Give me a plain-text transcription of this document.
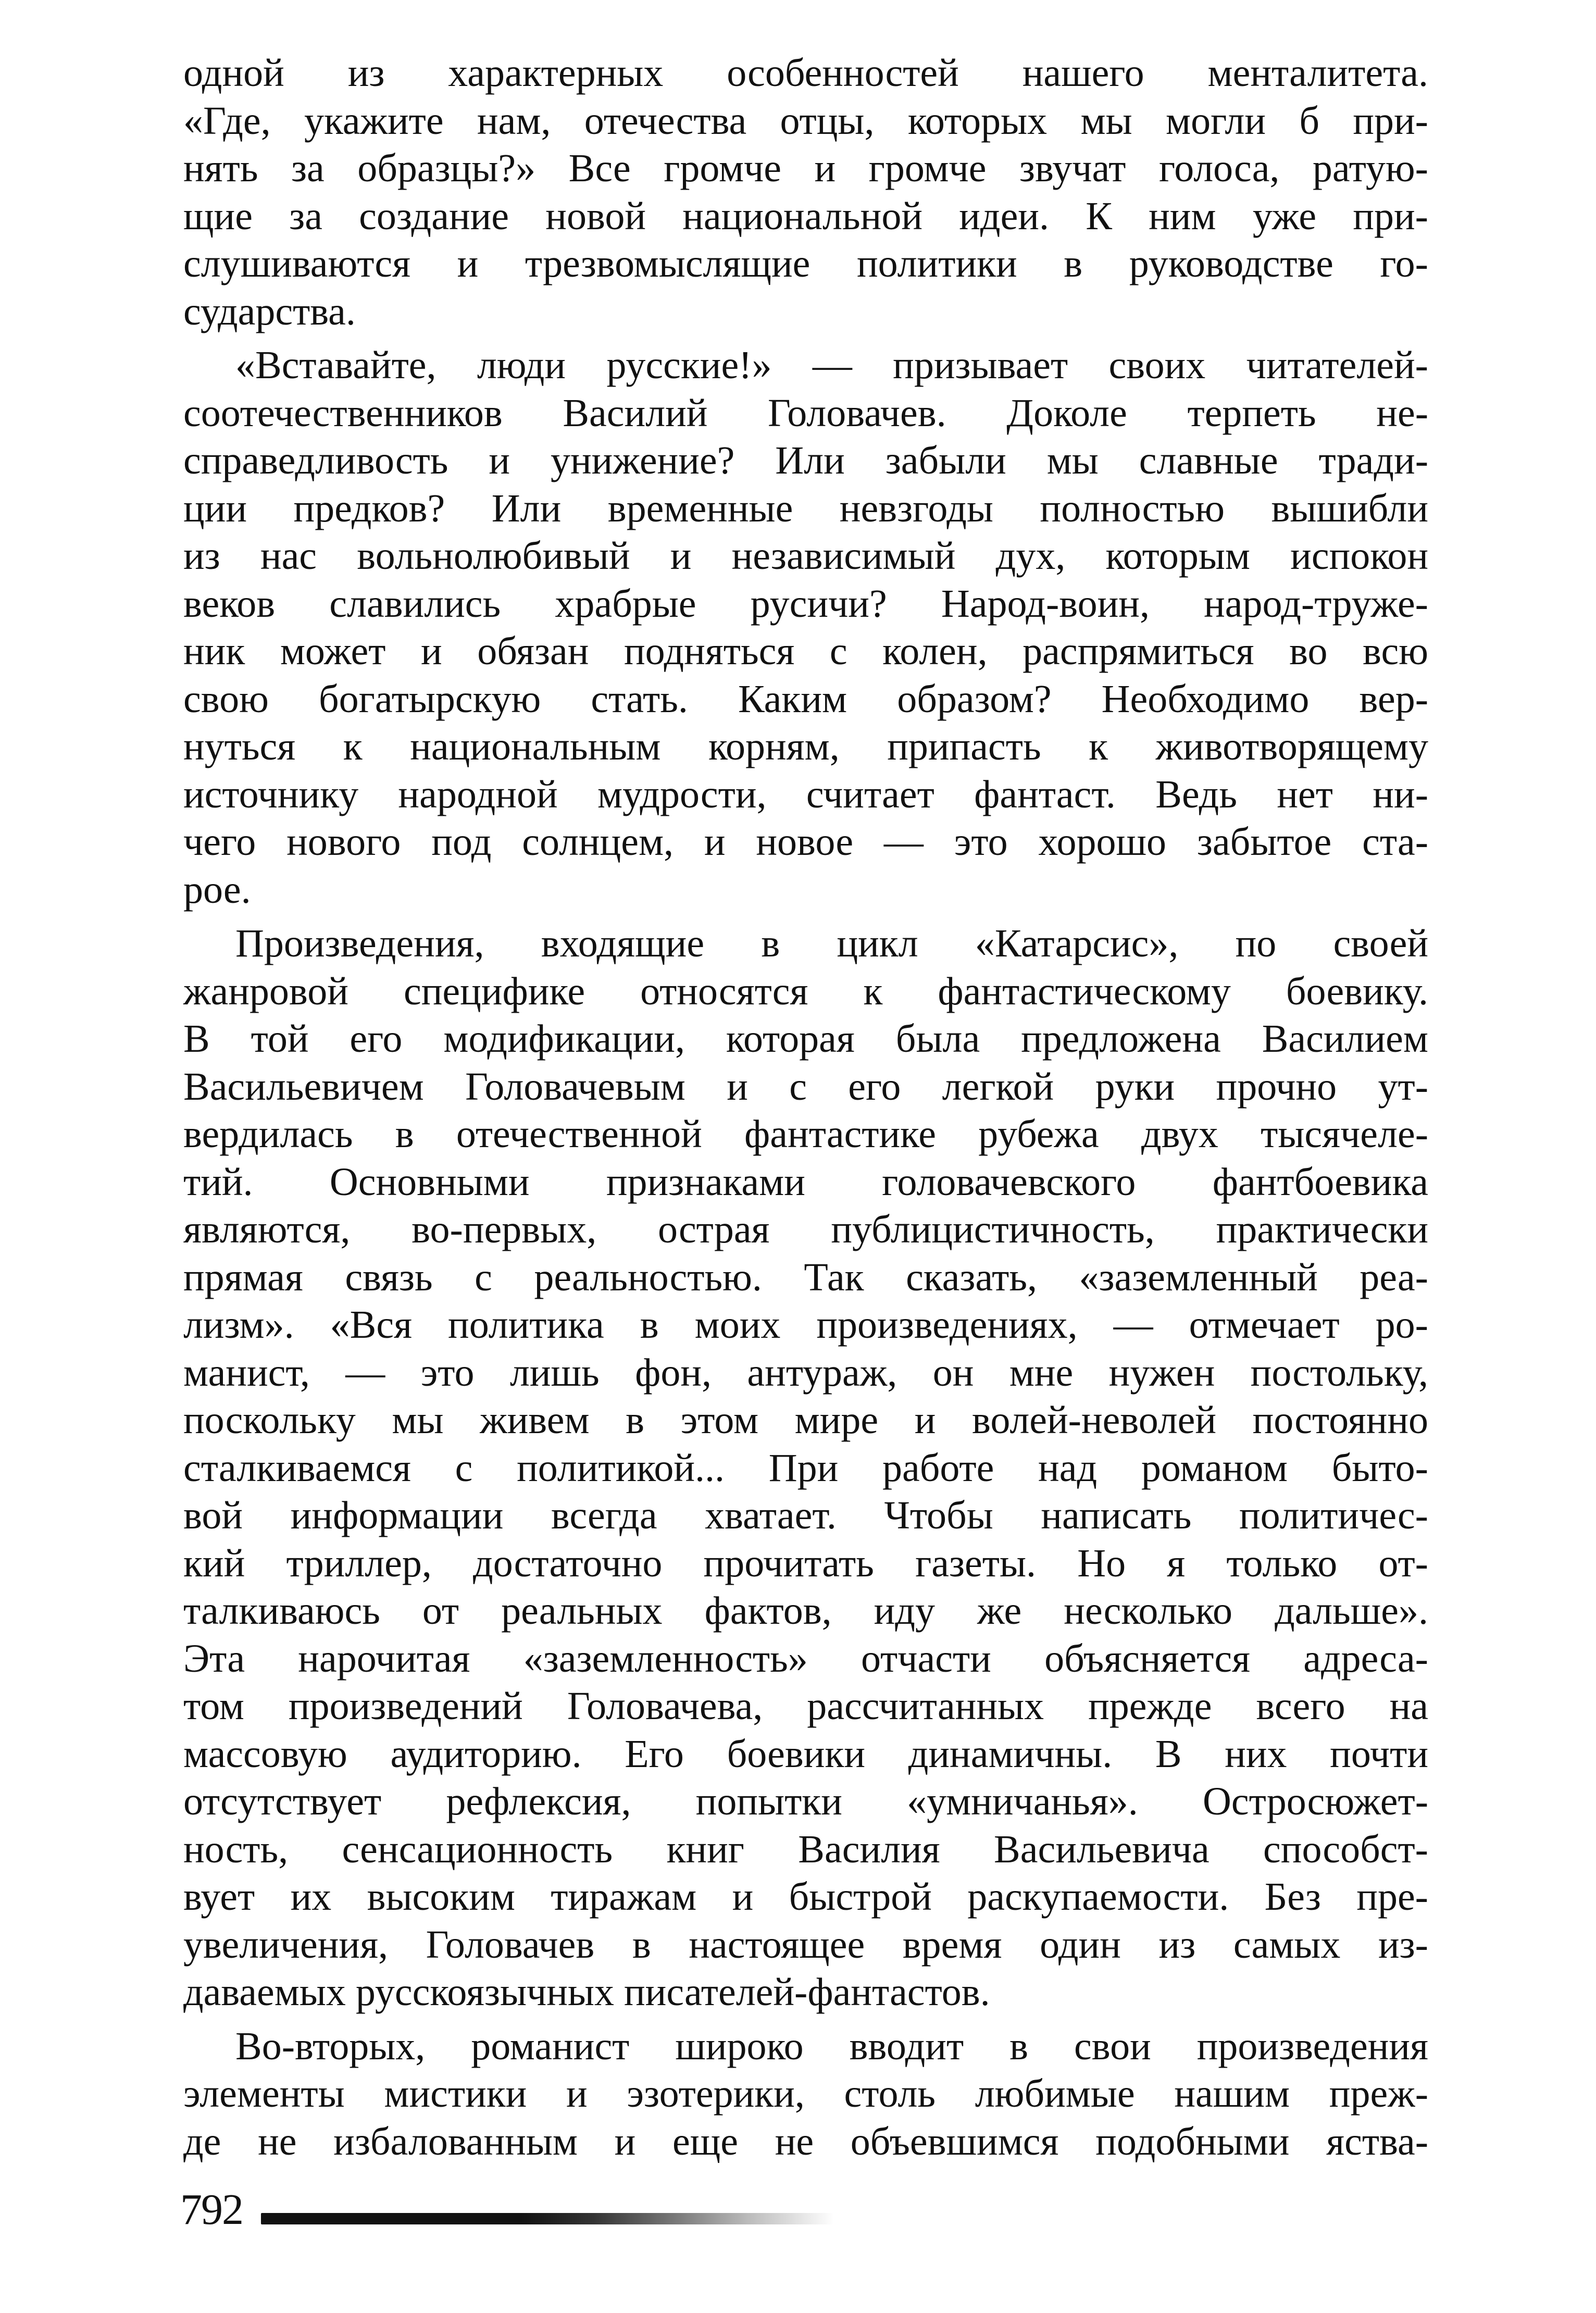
одной из характерных особенностей нашего менталитета.
«Где, укажите нам, отечества отцы, которых мы могли б при-
нять за образцы?» Все громче и громче звучат голоса, ратую-
щие за создание новой национальной идеи. К ним уже при-
слушиваются и трезвомыслящие политики в руководстве го-
сударства.
«Вставайте, люди русские!» — призывает своих читателей-
соотечественников Василий Головачев. Доколе терпеть не-
справедливость и унижение? Или забыли мы славные тради-
ции предков? Или временные невзгоды полностью вышибли
из нас вольнолюбивый и независимый дух, которым испокон
веков славились храбрые русичи? Народ-воин, народ-труже-
ник может и обязан подняться с колен, распрямиться во всю
свою богатырскую стать. Каким образом? Необходимо вер-
нуться к национальным корням, припасть к животворящему
источнику народной мудрости, считает фантаст. Ведь нет ни-
чего нового под солнцем, и новое — это хорошо забытое ста-
рое.
Произведения, входящие в цикл «Катарсис», по своей
жанровой специфике относятся к фантастическому боевику.
В той его модификации, которая была предложена Василием
Васильевичем Головачевым и с его легкой руки прочно ут-
вердилась в отечественной фантастике рубежа двух тысячеле-
тий. Основными признаками головачевского фантбоевика
являются, во-первых, острая публицистичность, практически
прямая связь с реальностью. Так сказать, «заземленный реа-
лизм». «Вся политика в моих произведениях, — отмечает ро-
манист, — это лишь фон, антураж, он мне нужен постольку,
поскольку мы живем в этом мире и волей-неволей постоянно
сталкиваемся с политикой... При работе над романом быто-
вой информации всегда хватает. Чтобы написать политичес-
кий триллер, достаточно прочитать газеты. Но я только от-
талкиваюсь от реальных фактов, иду же несколько дальше».
Эта нарочитая «заземленность» отчасти объясняется адреса-
том произведений Головачева, рассчитанных прежде всего на
массовую аудиторию. Его боевики динамичны. В них почти
отсутствует рефлексия, попытки «умничанья». Остросюжет-
ность, сенсационность книг Василия Васильевича способст-
вует их высоким тиражам и быстрой раскупаемости. Без пре-
увеличения, Головачев в настоящее время один из самых из-
даваемых русскоязычных писателей-фантастов.
Во-вторых, романист широко вводит в свои произведения
элементы мистики и эзотерики, столь любимые нашим преж-
де не избалованным и еще не объевшимся подобными яства-
792
